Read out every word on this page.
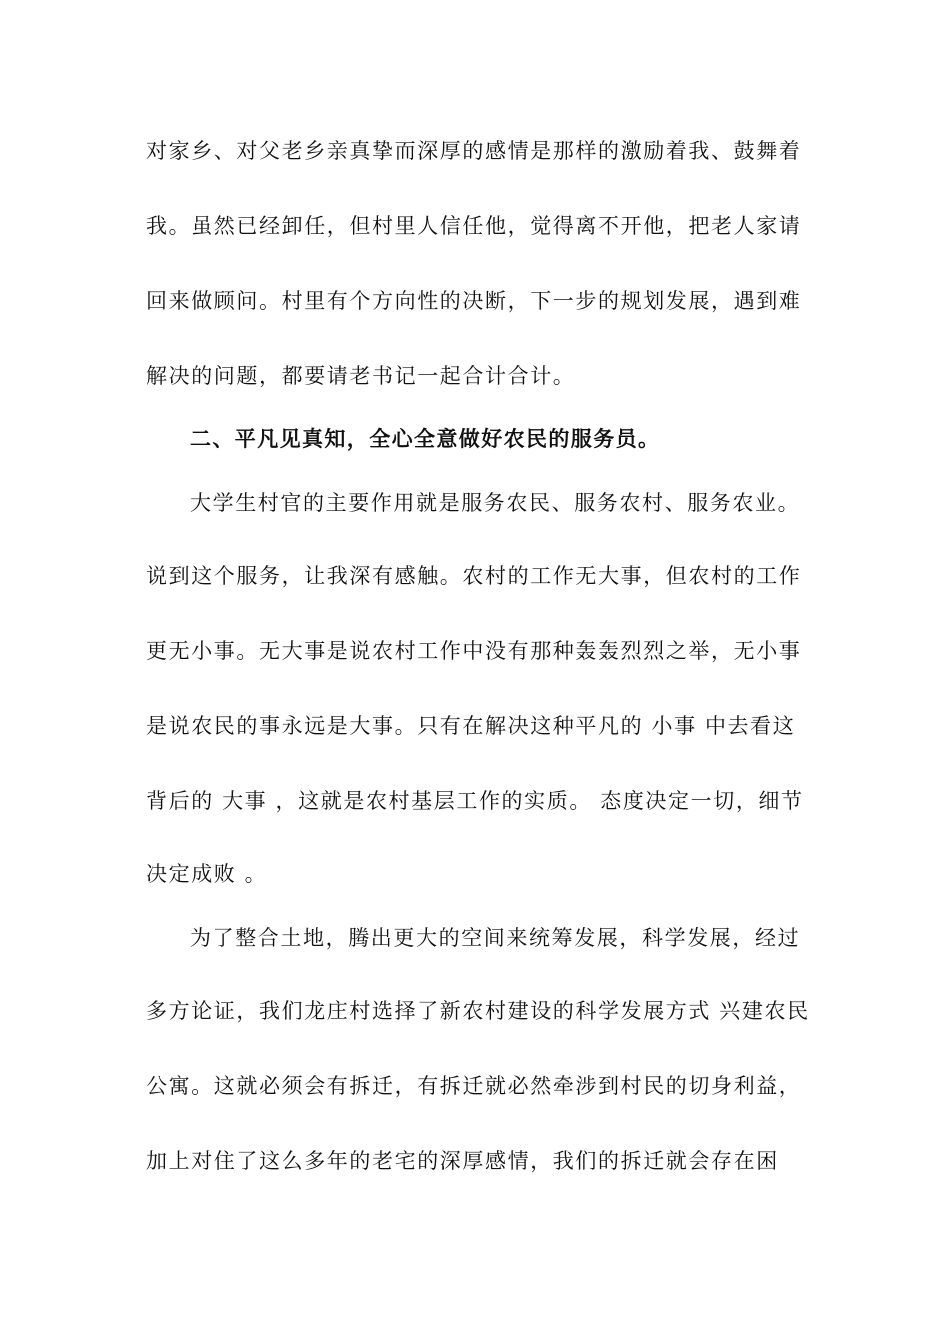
对家乡、对父老乡亲真挚而深厚的感情是那样的激励着我、鼓舞着
我。虽然已经卸任，但村里人信任他，觉得离不开他，把老人家请
回来做顾问。村里有个方向性的决断，下一步的规划发展，遇到难
解决的问题，都要请老书记一起合计合计。
二、平凡见真知，全心全意做好农民的服务员。
大学生村官的主要作用就是服务农民、服务农村、服务农业。
说到这个服务，让我深有感触。农村的工作无大事，但农村的工作
更无小事。无大事是说农村工作中没有那种轰轰烈烈之举，无小事
是说农民的事永远是大事。只有在解决这种平凡的 小事 中去看这
背后的 大事 ，这就是农村基层工作的实质。 态度决定一切，细节
决定成败 。
为了整合土地，腾出更大的空间来统筹发展，科学发展，经过
多方论证，我们龙庄村选择了新农村建设的科学发展方式 兴建农民
公寓。这就必须会有拆迁，有拆迁就必然牵涉到村民的切身利益，
加上对住了这么多年的老宅的深厚感情，我们的拆迁就会存在困
